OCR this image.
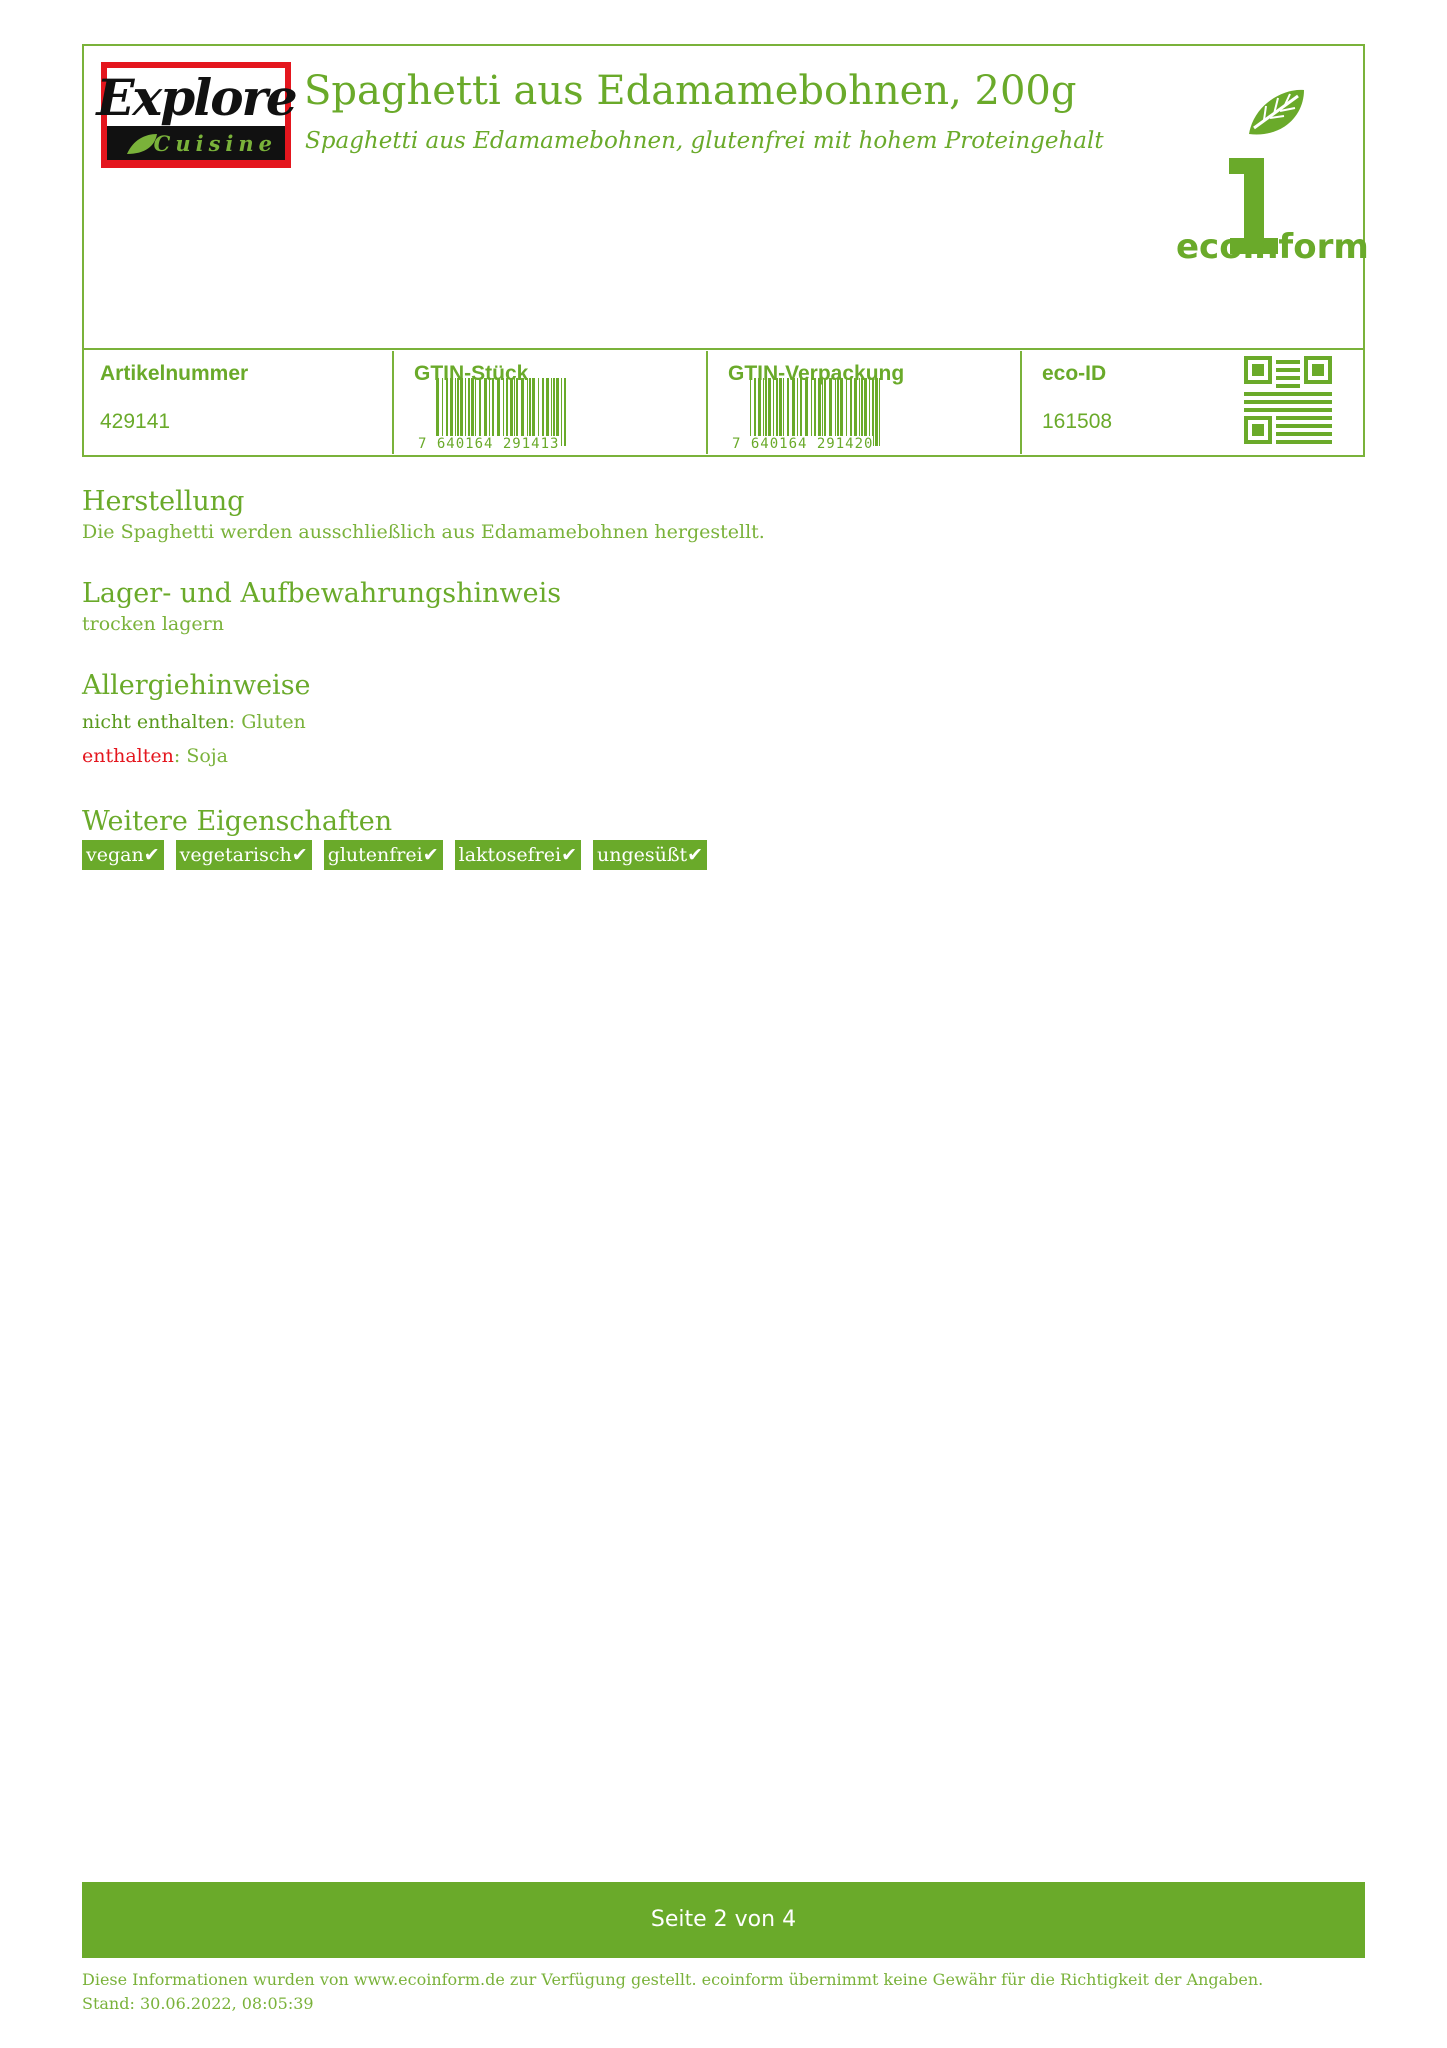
Explore
Cuisine
Spaghetti aus Edamamebohnen, 200g
Spaghetti aus Edamamebohnen, glutenfrei mit hohem Proteingehalt
ecoinform
Artikelnummer
429141
GTIN-Stück
7 640164 291413
GTIN-Verpackung
7 640164 291420
eco-ID
161508
Herstellung
Die Spaghetti werden ausschließlich aus Edamamebohnen hergestellt.
Lager- und Aufbewahrungshinweis
trocken lagern
Allergiehinweise
nicht enthalten: Gluten
enthalten: Soja
Weitere Eigenschaften
vegan✔ vegetarisch✔ glutenfrei✔ laktosefrei✔ ungesüßt✔
Seite 2 von 4
Diese Informationen wurden von www.ecoinform.de zur Verfügung gestellt. ecoinform übernimmt keine Gewähr für die Richtigkeit der Angaben.
Stand: 30.06.2022, 08:05:39
